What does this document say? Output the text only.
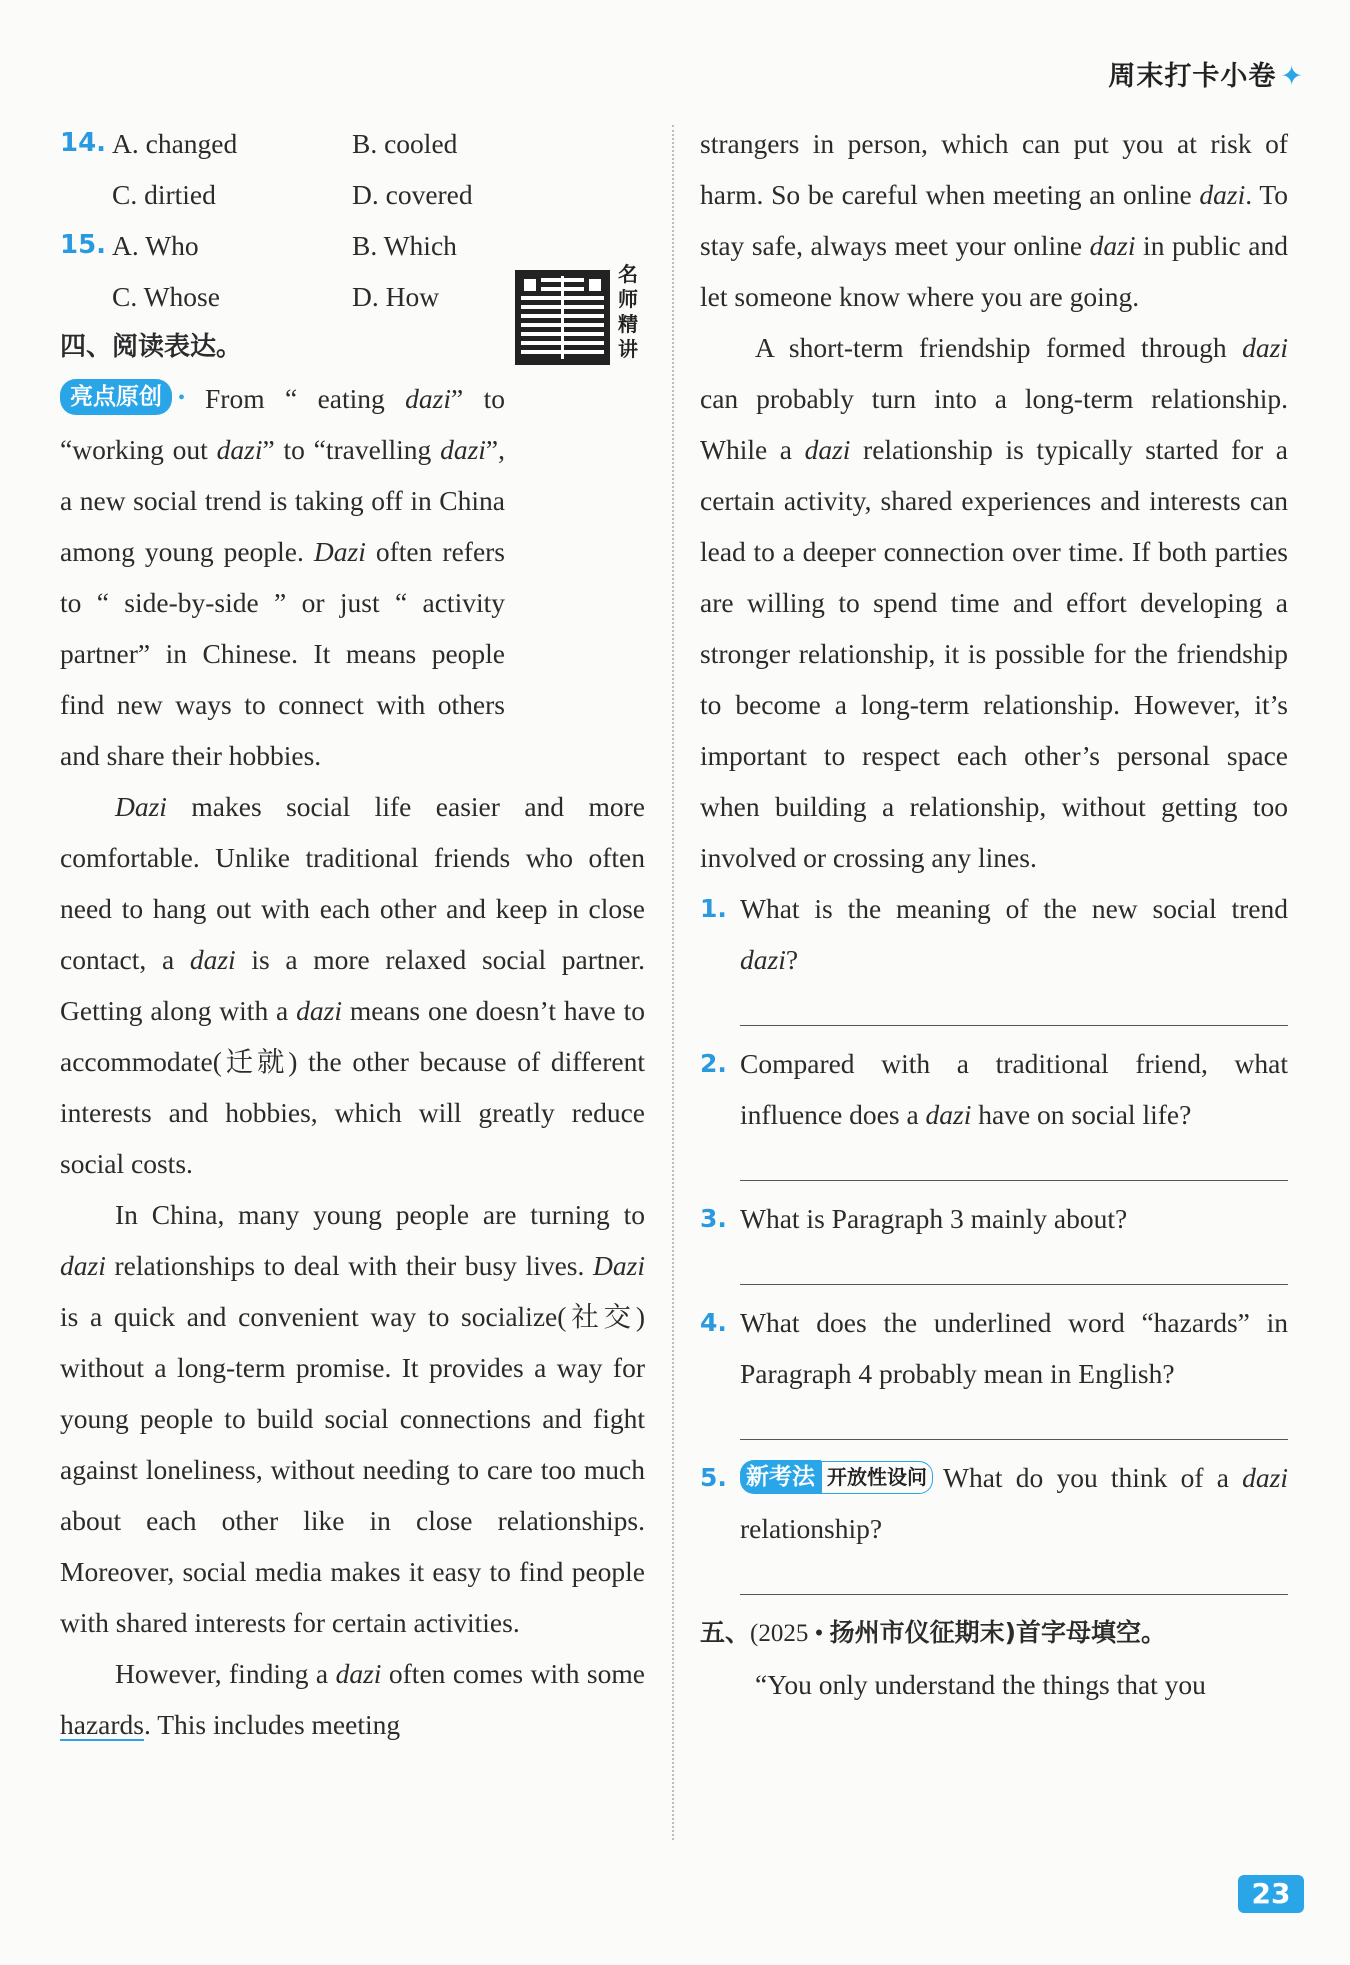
周末打卡小卷 ✦
14. A. changed	B. cooled
C. dirtied	D. covered
15. A. Who	B. Which
C. Whose	D. How
四、阅读表达。

亮点原创 • From “ eating dazi” to “working out dazi” to “travelling dazi”, a new social trend is taking off in China among young people. Dazi often refers to “ side-by-side ” or just “ activity partner” in Chinese. It means people find new ways to connect with others and share their hobbies.

Dazi makes social life easier and more comfortable. Unlike traditional friends who often need to hang out with each other and keep in close contact, a dazi is a more relaxed social partner. Getting along with a dazi means one doesn’t have to accommodate(迁就) the other because of different interests and hobbies, which will greatly reduce social costs.

In China, many young people are turning to dazi relationships to deal with their busy lives. Dazi is a quick and convenient way to socialize(社交) without a long-term promise. It provides a way for young people to build social connections and fight against loneliness, without needing to care too much about each other like in close relationships. Moreover, social media makes it easy to find people with shared interests for certain activities.

However, finding a dazi often comes with some hazards. This includes meeting

名师精讲

strangers in person, which can put you at risk of harm. So be careful when meeting an online dazi. To stay safe, always meet your online dazi in public and let someone know where you are going.

A short-term friendship formed through dazi can probably turn into a long-term relationship. While a dazi relationship is typically started for a certain activity, shared experiences and interests can lead to a deeper connection over time. If both parties are willing to spend time and effort developing a stronger relationship, it is possible for the friendship to become a long-term relationship. However, it’s important to respect each other’s personal space when building a relationship, without getting too involved or crossing any lines.

1. What is the meaning of the new social trend dazi?
2. Compared with a traditional friend, what influence does a dazi have on social life?
3. What is Paragraph 3 mainly about?
4. What does the underlined word “hazards” in Paragraph 4 probably mean in English?
5. 新考法 开放性设问 What do you think of a dazi relationship?
五、(2025 • 扬州市仪征期末)首字母填空。

“You only understand the things that you

23
